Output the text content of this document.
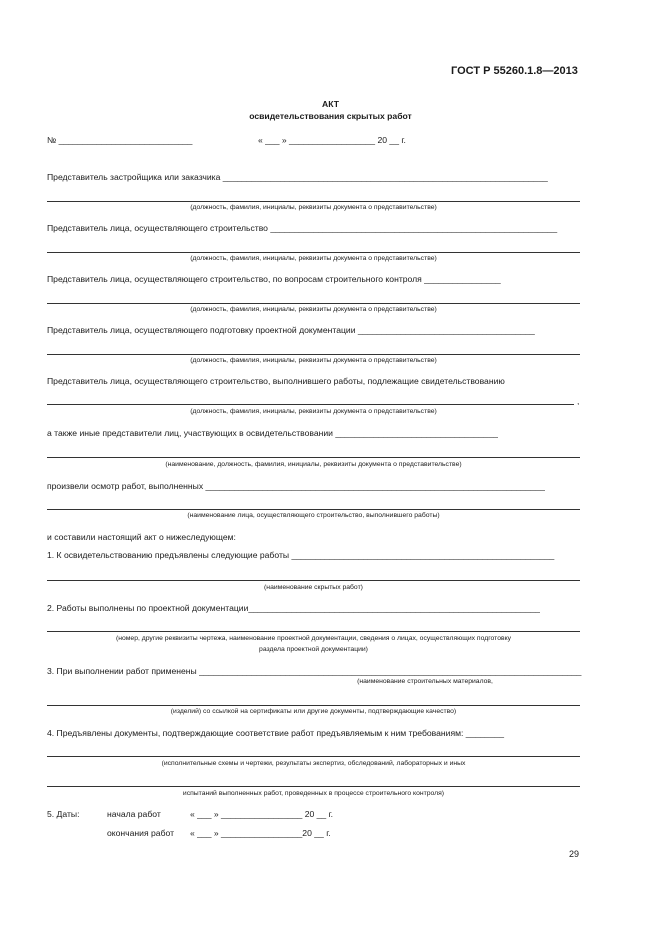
ГОСТ Р 55260.1.8—2013
АКТ
освидетельствования скрытых работ
№ ____________________________	« ___ » __________________ 20 __ г.
Представитель застройщика или заказчика ____________________________________________________________________
(должность, фамилия, инициалы, реквизиты документа о представительстве)
Представитель лица, осуществляющего строительство ____________________________________________________________
(должность, фамилия, инициалы, реквизиты документа о представительстве)
Представитель лица, осуществляющего строительство, по вопросам строительного контроля ________________
(должность, фамилия, инициалы, реквизиты документа о представительстве)
Представитель лица, осуществляющего подготовку проектной документации _____________________________________
(должность, фамилия, инициалы, реквизиты документа о представительстве)
Представитель лица, осуществляющего строительство, выполнившего работы, подлежащие свидетельствованию
,
(должность, фамилия, инициалы, реквизиты документа о представительстве)
а также иные представители лиц, участвующих в освидетельствовании __________________________________
(наименование, должность, фамилия, инициалы, реквизиты документа о представительстве)
произвели осмотр работ, выполненных _______________________________________________________________________
(наименование лица, осуществляющего строительство, выполнившего работы)
и составили настоящий акт о нижеследующем:
1. К освидетельствованию предъявлены следующие работы _______________________________________________________
(наименование скрытых работ)
2. Работы выполнены по проектной документации_____________________________________________________________
(номер, другие реквизиты чертежа, наименование проектной документации, сведения о лицах, осуществляющих подготовку
раздела проектной документации)
3. При выполнении работ применены ________________________________________________________________________________
(наименование строительных материалов,
(изделий) со ссылкой на сертификаты или другие документы, подтверждающие качество)
4. Предъявлены документы, подтверждающие соответствие работ предъявляемым к ним требованиям: ________
(исполнительные схемы и чертежи, результаты экспертиз, обследований, лабораторных и иных
испытаний выполненных работ, проведенных в процессе строительного контроля)
5. Даты:	начала работ	« ___ » _________________ 20 __ г.
окончания работ « ___ » _________________20 __ г.
29
